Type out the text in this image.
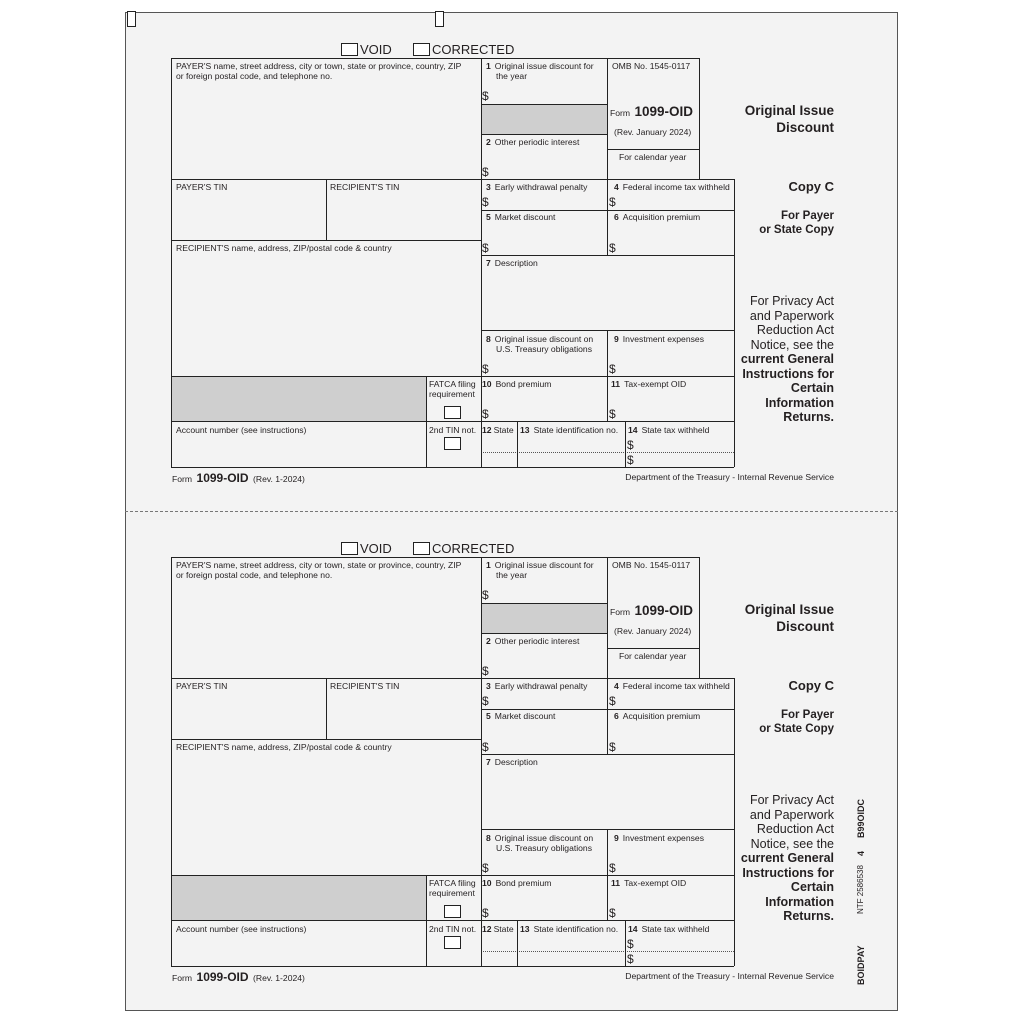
B99OIDC
4
NTF 2586538
BOIDPAY
VOID	CORRECTED
PAYER'S name, street address, city or town, state or province, country, ZIP
or foreign postal code, and telephone no.
1 Original issue discount for
the year
$
2 Other periodic interest
$
OMB No. 1545-0117
Form 1099-OID
(Rev. January 2024)
For calendar year
Original Issue
Discount
PAYER'S TIN	RECIPIENT'S TIN	3 Early withdrawal penalty
$
4 Federal income tax withheld
$
Copy C
For Payer
or State Copy
RECIPIENT'S name, address, ZIP/postal code & country
5 Market discount
$
6 Acquisition premium
$
7 Description
8 Original issue discount on
U.S. Treasury obligations
$
9 Investment expenses
$
For Privacy Act
and Paperwork
Reduction Act
Notice, see the
current General
Instructions for
Certain
Information
Returns.
FATCA filing
requirement
10 Bond premium
$
11 Tax-exempt OID
$
Account number (see instructions)	2nd TIN not. 12 State 13 State identification no. 14 State tax withheld
$
$
Form 1099-OID (Rev. 1-2024)	Department of the Treasury - Internal Revenue Service
VOID	CORRECTED
PAYER'S name, street address, city or town, state or province, country, ZIP
or foreign postal code, and telephone no.
1 Original issue discount for
the year
$
2 Other periodic interest
$
OMB No. 1545-0117
Form 1099-OID
(Rev. January 2024)
For calendar year
Original Issue
Discount
PAYER'S TIN	RECIPIENT'S TIN	3 Early withdrawal penalty
$
4 Federal income tax withheld
$
Copy C
For Payer
or State Copy
RECIPIENT'S name, address, ZIP/postal code & country
5 Market discount
$
6 Acquisition premium
$
7 Description
8 Original issue discount on
U.S. Treasury obligations
$
9 Investment expenses
$
For Privacy Act
and Paperwork
Reduction Act
Notice, see the
current General
Instructions for
Certain
Information
Returns.
FATCA filing
requirement
10 Bond premium
$
11 Tax-exempt OID
$
Account number (see instructions)	2nd TIN not. 12 State 13 State identification no. 14 State tax withheld
$
$
Form 1099-OID (Rev. 1-2024)	Department of the Treasury - Internal Revenue Service
